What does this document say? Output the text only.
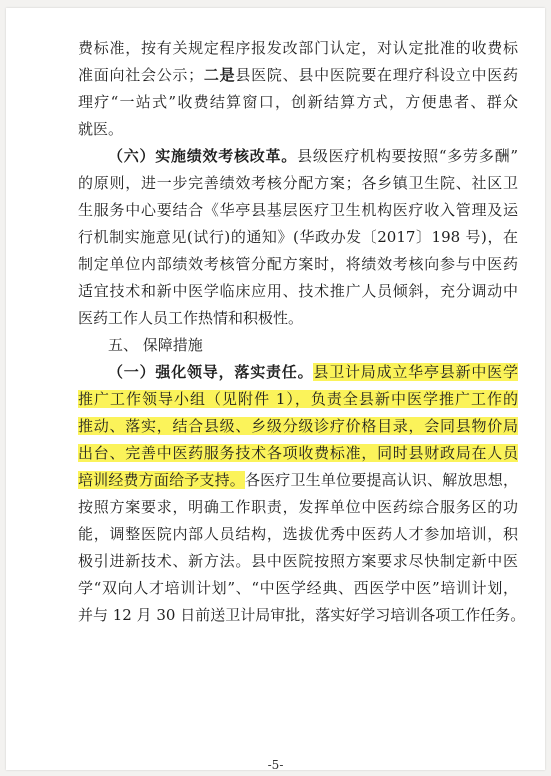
费标准，按有关规定程序报发改部门认定，对认定批准的收费标
准面向社会公示；二是县医院、县中医院要在理疗科设立中医药
理疗“一站式”收费结算窗口，创新结算方式，方便患者、群众
就医。
（六）实施绩效考核改革。县级医疗机构要按照“多劳多酬”
的原则，进一步完善绩效考核分配方案；各乡镇卫生院、社区卫
生服务中心要结合《华亭县基层医疗卫生机构医疗收入管理及运
行机制实施意见(试行)的通知》(华政办发〔2017〕198 号)，在
制定单位内部绩效考核管分配方案时，将绩效考核向参与中医药
适宜技术和新中医学临床应用、技术推广人员倾斜，充分调动中
医药工作人员工作热情和积极性。
五、 保障措施
（一）强化领导，落实责任。县卫计局成立华亭县新中医学
推广工作领导小组（见附件 1），负责全县新中医学推广工作的
推动、落实，结合县级、乡级分级诊疗价格目录，会同县物价局
出台、完善中医药服务技术各项收费标准，同时县财政局在人员
培训经费方面给予支持。各医疗卫生单位要提高认识、解放思想，
按照方案要求，明确工作职责，发挥单位中医药综合服务区的功
能，调整医院内部人员结构，选拔优秀中医药人才参加培训，积
极引进新技术、新方法。县中医院按照方案要求尽快制定新中医
学“双向人才培训计划”、“中医学经典、西医学中医”培训计划，
并与 12 月 30 日前送卫计局审批，落实好学习培训各项工作任务。
-5-
